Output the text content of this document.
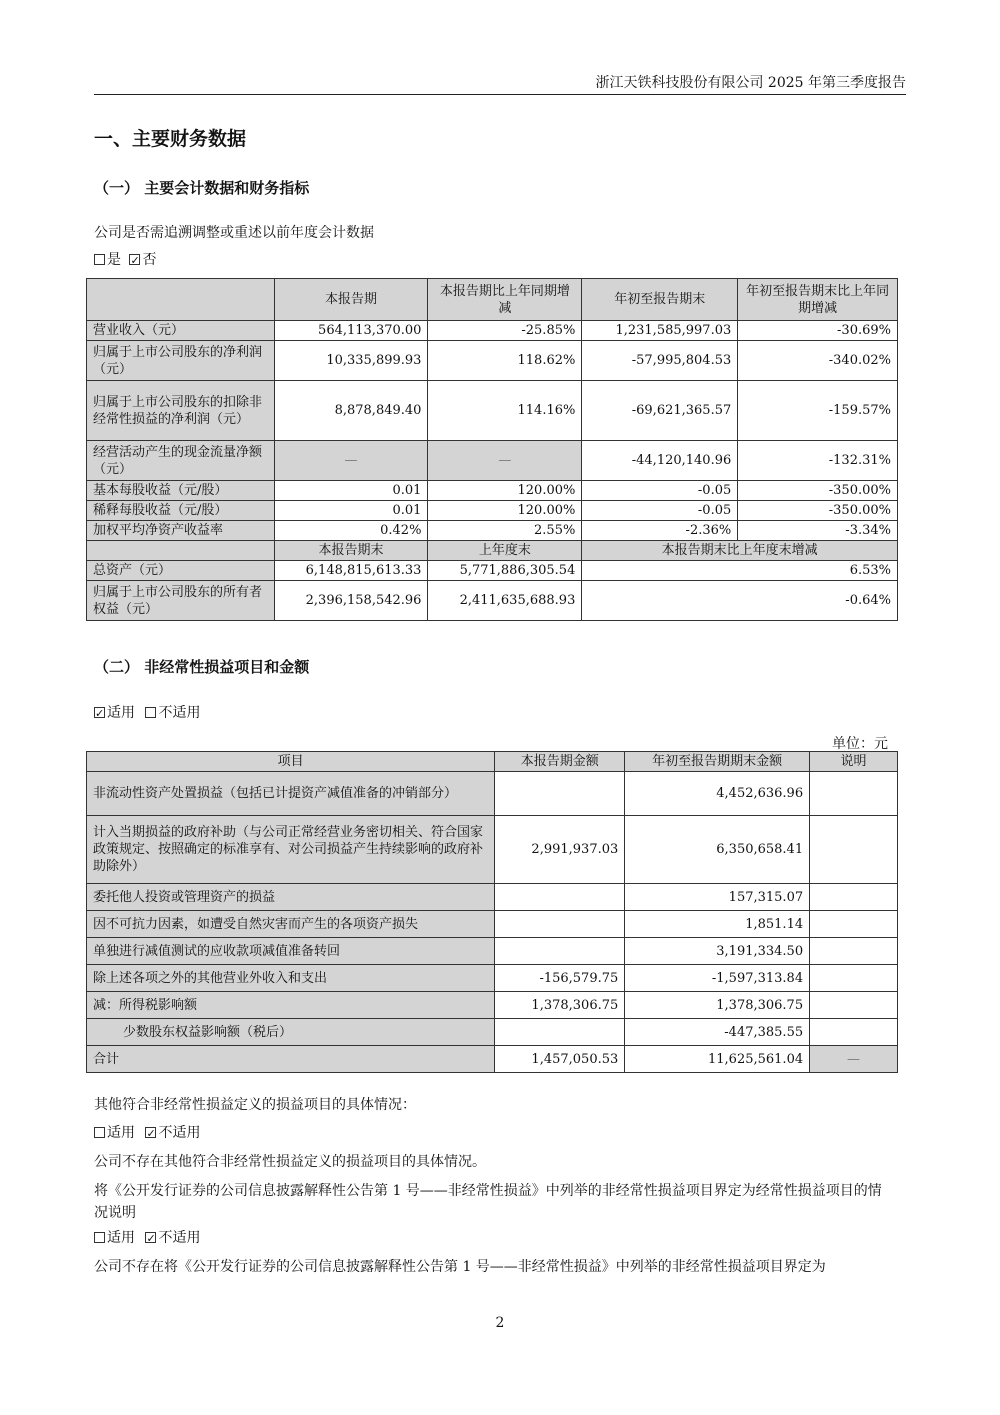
浙江天铁科技股份有限公司 2025 年第三季度报告
一、主要财务数据
（一） 主要会计数据和财务指标
公司是否需追溯调整或重述以前年度会计数据
是 ✓ 否
	本报告期	本报告期比上年同期增减	年初至报告期末	年初至报告期末比上年同期增减
营业收入（元）	564,113,370.00	-25.85%	1,231,585,997.03	-30.69%
归属于上市公司股东的净利润（元）	10,335,899.93	118.62%	-57,995,804.53	-340.02%
归属于上市公司股东的扣除非经常性损益的净利润（元）	8,878,849.40	114.16%	-69,621,365.57	-159.57%
经营活动产生的现金流量净额（元）	—	—	-44,120,140.96	-132.31%
基本每股收益（元/股）	0.01	120.00%	-0.05	-350.00%
稀释每股收益（元/股）	0.01	120.00%	-0.05	-350.00%
加权平均净资产收益率	0.42%	2.55%	-2.36%	-3.34%
	本报告期末	上年度末	本报告期末比上年度末增减	
总资产（元）	6,148,815,613.33	5,771,886,305.54	6.53%	
归属于上市公司股东的所有者权益（元）	2,396,158,542.96	2,411,635,688.93	-0.64%	
（二） 非经常性损益项目和金额
✓适用 不适用
单位：元
项目	本报告期金额	年初至报告期期末金额	说明
非流动性资产处置损益（包括已计提资产减值准备的冲销部分）		4,452,636.96	
计入当期损益的政府补助（与公司正常经营业务密切相关、符合国家政策规定、按照确定的标准享有、对公司损益产生持续影响的政府补助除外）	2,991,937.03	6,350,658.41	
委托他人投资或管理资产的损益		157,315.07	
因不可抗力因素，如遭受自然灾害而产生的各项资产损失		1,851.14	
单独进行减值测试的应收款项减值准备转回		3,191,334.50	
除上述各项之外的其他营业外收入和支出	-156,579.75	-1,597,313.84	
减：所得税影响额	1,378,306.75	1,378,306.75	
少数股东权益影响额（税后）		-447,385.55	
合计	1,457,050.53	11,625,561.04	—
其他符合非经常性损益定义的损益项目的具体情况：
适用 ✓ 不适用
公司不存在其他符合非经常性损益定义的损益项目的具体情况。
将《公开发行证券的公司信息披露解释性公告第 1 号——非经常性损益》中列举的非经常性损益项目界定为经常性损益项目的情况说明
适用 ✓ 不适用
公司不存在将《公开发行证券的公司信息披露解释性公告第 1 号——非经常性损益》中列举的非经常性损益项目界定为
2
